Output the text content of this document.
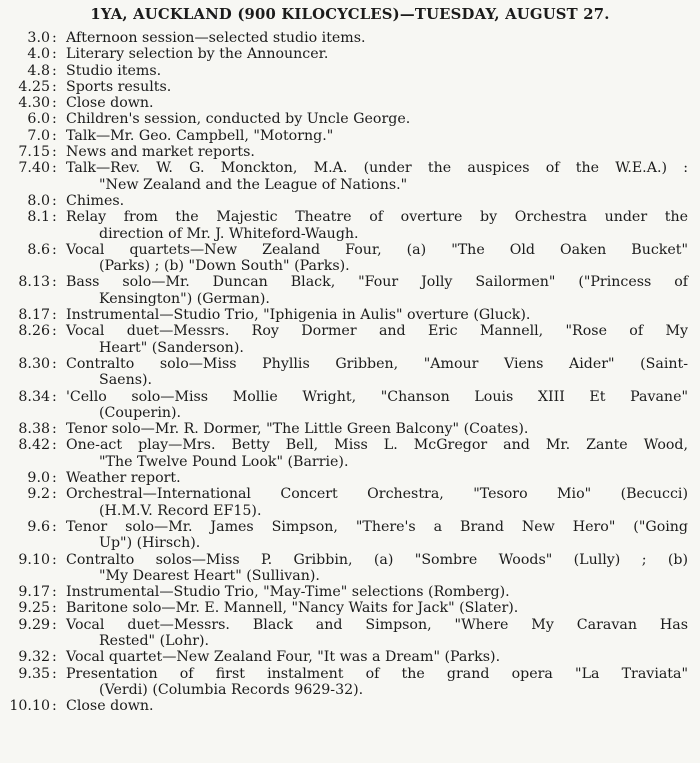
1YA, AUCKLAND (900 KILOCYCLES)—TUESDAY, AUGUST 27.
3.0 : Afternoon session—selected studio items.
4.0 : Literary selection by the Announcer.
4.8 : Studio items.
4.25 : Sports results.
4.30 : Close down.
6.0 : Children's session, conducted by Uncle George.
7.0 : Talk—Mr. Geo. Campbell, "Motorng."
7.15 : News and market reports.
7.40 : Talk—Rev. W. G. Monckton, M.A. (under the auspices of the W.E.A.) :
"New Zealand and the League of Nations."
8.0 : Chimes.
8.1 : Relay from the Majestic Theatre of overture by Orchestra under the
direction of Mr. J. Whiteford-Waugh.
8.6 : Vocal quartets—New Zealand Four, (a) "The Old Oaken Bucket"
(Parks) ; (b) "Down South" (Parks).
8.13 : Bass solo—Mr. Duncan Black, "Four Jolly Sailormen" ("Princess of
Kensington") (German).
8.17 : Instrumental—Studio Trio, "Iphigenia in Aulis" overture (Gluck).
8.26 : Vocal duet—Messrs. Roy Dormer and Eric Mannell, "Rose of My
Heart" (Sanderson).
8.30 : Contralto solo—Miss Phyllis Gribben, "Amour Viens Aider" (Saint-
Saens).
8.34 : 'Cello solo—Miss Mollie Wright, "Chanson Louis XIII Et Pavane"
(Couperin).
8.38 : Tenor solo—Mr. R. Dormer, "The Little Green Balcony" (Coates).
8.42 : One-act play—Mrs. Betty Bell, Miss L. McGregor and Mr. Zante Wood,
"The Twelve Pound Look" (Barrie).
9.0 : Weather report.
9.2 : Orchestral—International Concert Orchestra, "Tesoro Mio" (Becucci)
(H.M.V. Record EF15).
9.6 : Tenor solo—Mr. James Simpson, "There's a Brand New Hero" ("Going
Up") (Hirsch).
9.10 : Contralto solos—Miss P. Gribbin, (a) "Sombre Woods" (Lully) ; (b)
"My Dearest Heart" (Sullivan).
9.17 : Instrumental—Studio Trio, "May-Time" selections (Romberg).
9.25 : Baritone solo—Mr. E. Mannell, "Nancy Waits for Jack" (Slater).
9.29 : Vocal duet—Messrs. Black and Simpson, "Where My Caravan Has
Rested" (Lohr).
9.32 : Vocal quartet—New Zealand Four, "It was a Dream" (Parks).
9.35 : Presentation of first instalment of the grand opera "La Traviata"
(Verdi) (Columbia Records 9629-32).
10.10 : Close down.
